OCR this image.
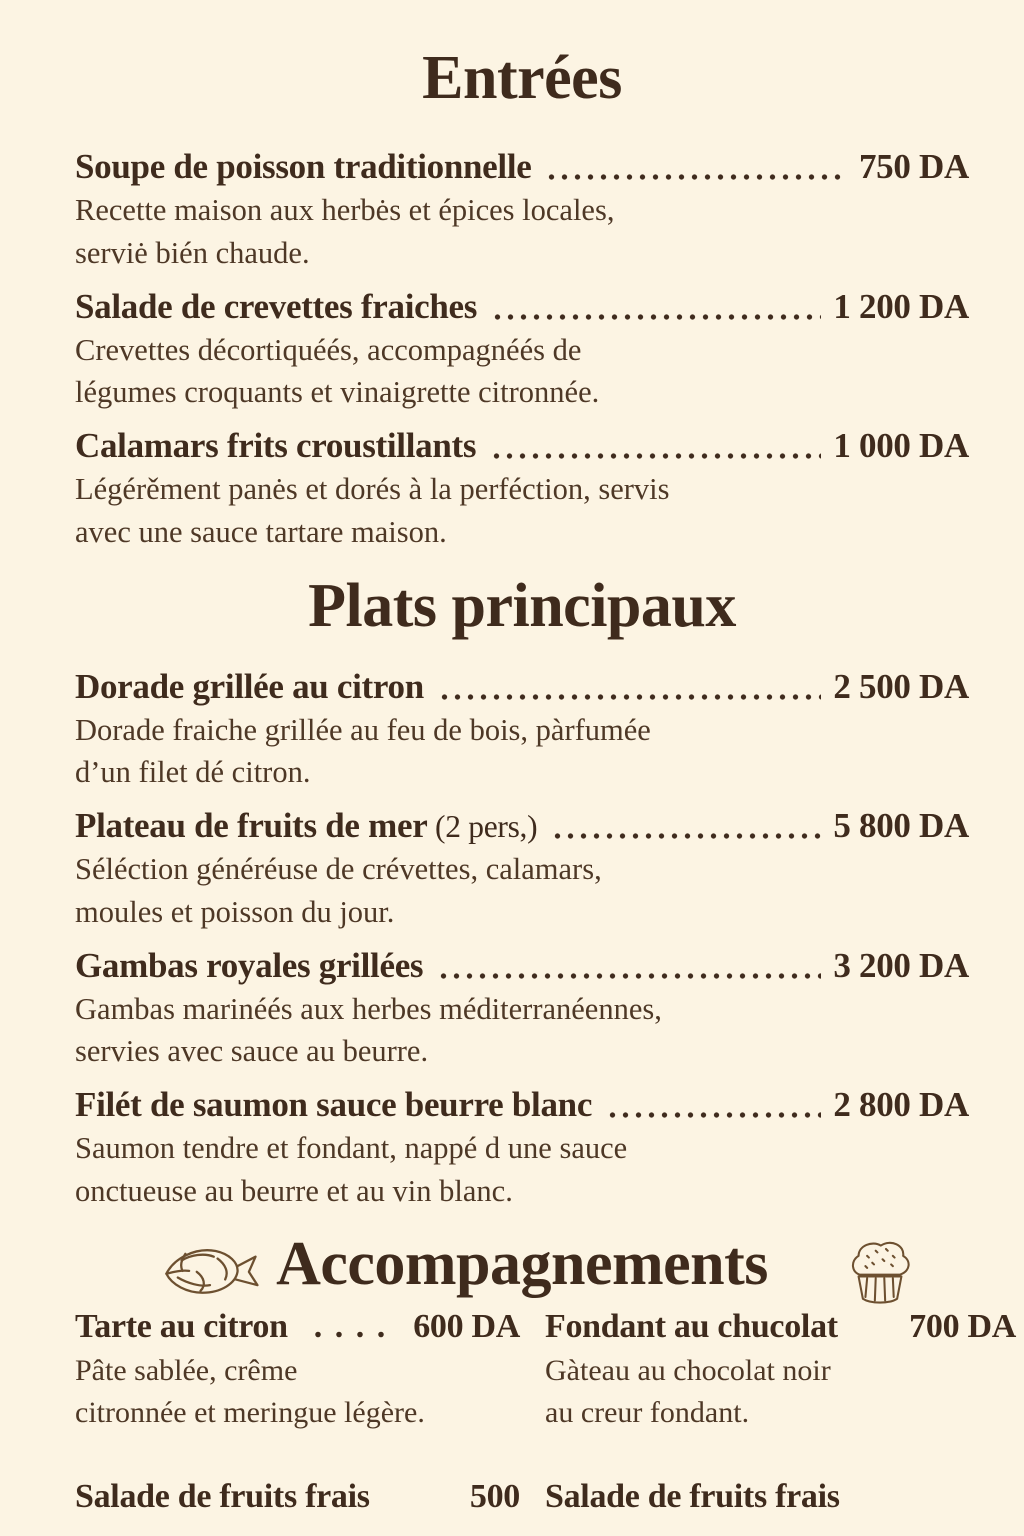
Entrées
Soupe de poisson traditionnelle	750 DA
Recette maison aux herbės et épices locales,
serviė bién chaude.
Salade de crevettes fraiches	1 200 DA
Crevettes décortiquéés, accompagnéés de
légumes croquants et vinaigrette citronnée.
Calamars frits croustillants	1 000 DA
Légérěment panės et dorés à la perféction, servis
avec une sauce tartare maison.
Plats principaux
Dorade grillée au citron	2 500 DA
Dorade fraiche grillée au feu de bois, pàrfumée
d’un filet dé citron.
Plateau de fruits de mer (2 pers,)	5 800 DA
Séléction généréuse de crévettes, calamars,
moules et poisson du jour.
Gambas royales grillées	3 200 DA
Gambas marinéés aux herbes méditerranéennes,
servies avec sauce au beurre.
Filét de saumon sauce beurre blanc	2 800 DA
Saumon tendre et fondant, nappé d une sauce
onctueuse au beurre et au vin blanc.
Accompagnements
Tarte au citron . . . . 600 DA
Pâte sablée, crême
citronnée et meringue légère.
Salade de fruits frais	500
Fondant au chucolat 700 DA
Gàteau au chocolat noir
au creur fondant.
Salade de fruits frais
